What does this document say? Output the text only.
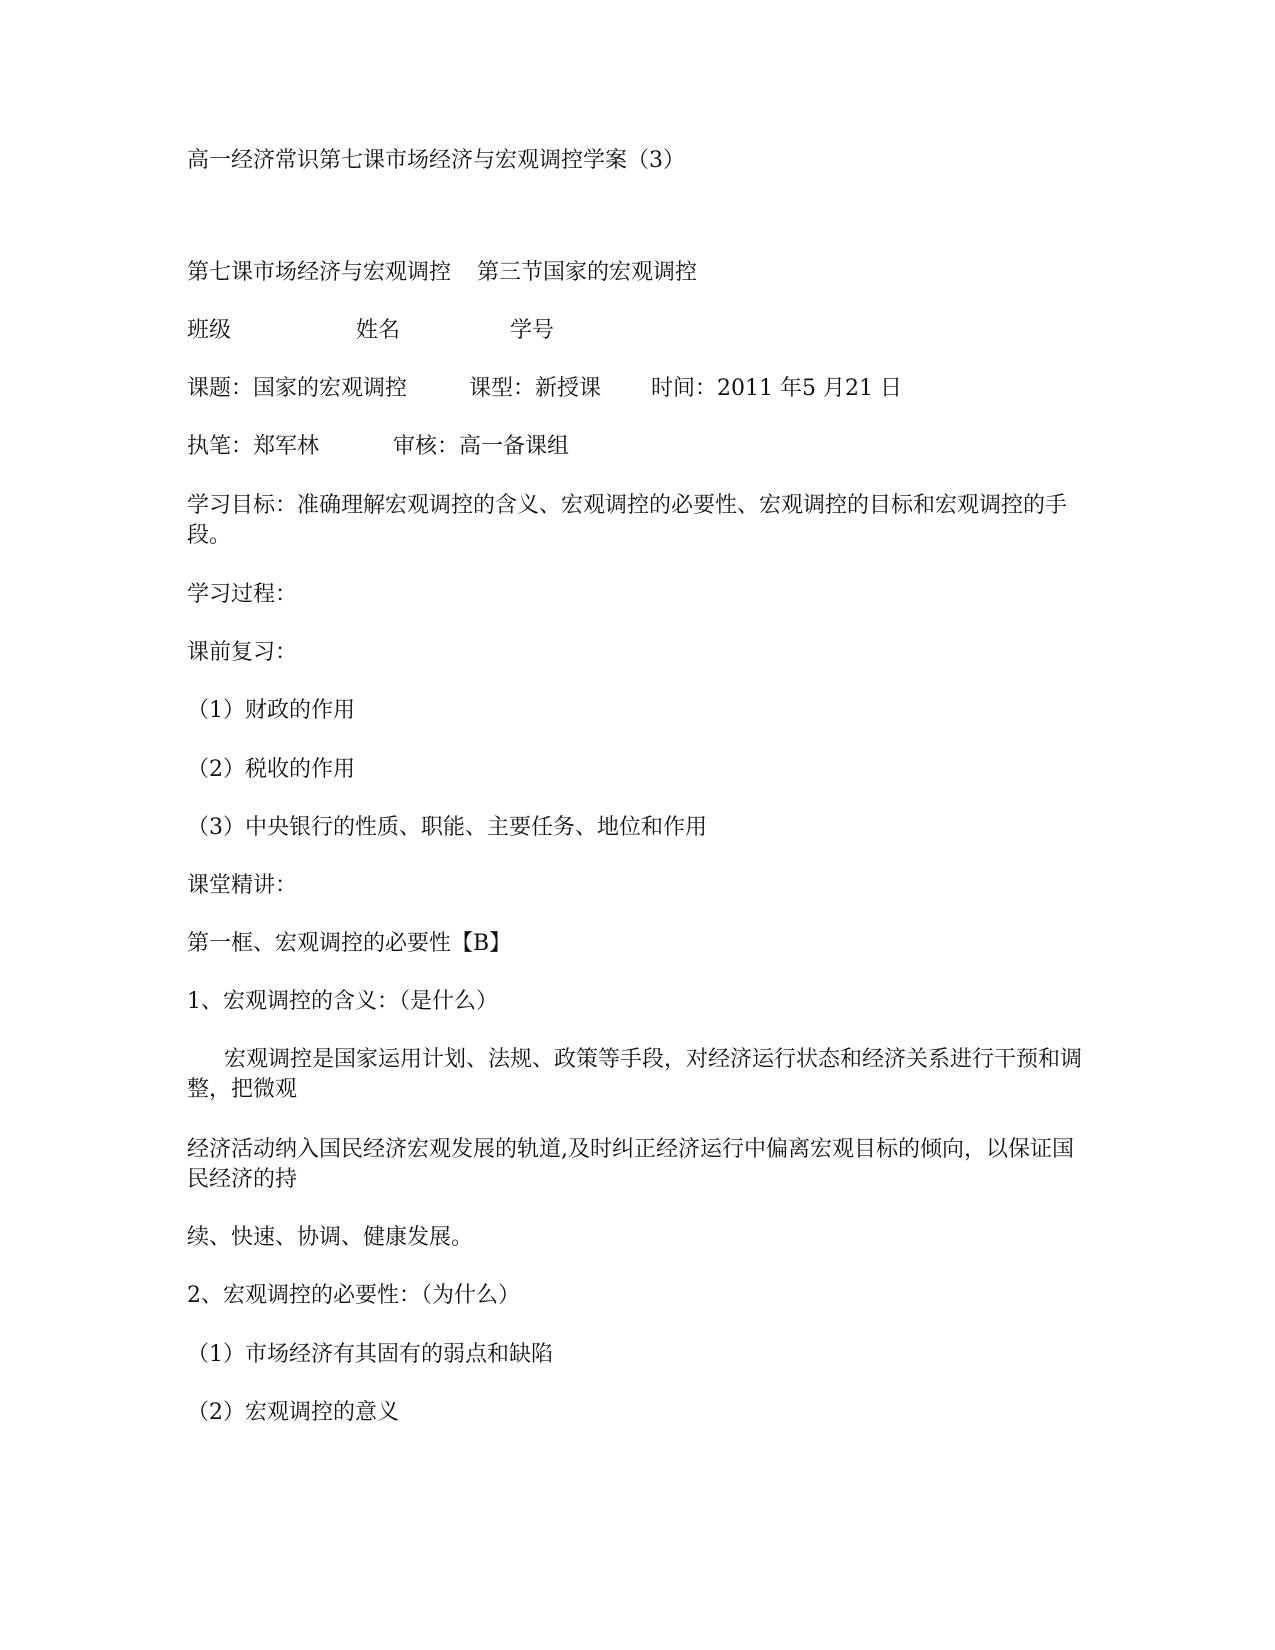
高一经济常识第七课市场经济与宏观调控学案（3）

第七课市场经济与宏观调控 第三节国家的宏观调控

班级	姓名	学号

课题：国家的宏观调控	课型：新授课 时间：2011 年5 月21 日

执笔：郑军林	审核：高一备课组

学习目标：准确理解宏观调控的含义、宏观调控的必要性、宏观调控的目标和宏观调控的手段。

学习过程：

课前复习：

（1）财政的作用

（2）税收的作用

（3）中央银行的性质、职能、主要任务、地位和作用

课堂精讲：

第一框、宏观调控的必要性【B】

1、宏观调控的含义：（是什么）

宏观调控是国家运用计划、法规、政策等手段，对经济运行状态和经济关系进行干预和调整，把微观

经济活动纳入国民经济宏观发展的轨道,及时纠正经济运行中偏离宏观目标的倾向，以保证国民经济的持

续、快速、协调、健康发展。

2、宏观调控的必要性：（为什么）

（1）市场经济有其固有的弱点和缺陷

（2）宏观调控的意义
